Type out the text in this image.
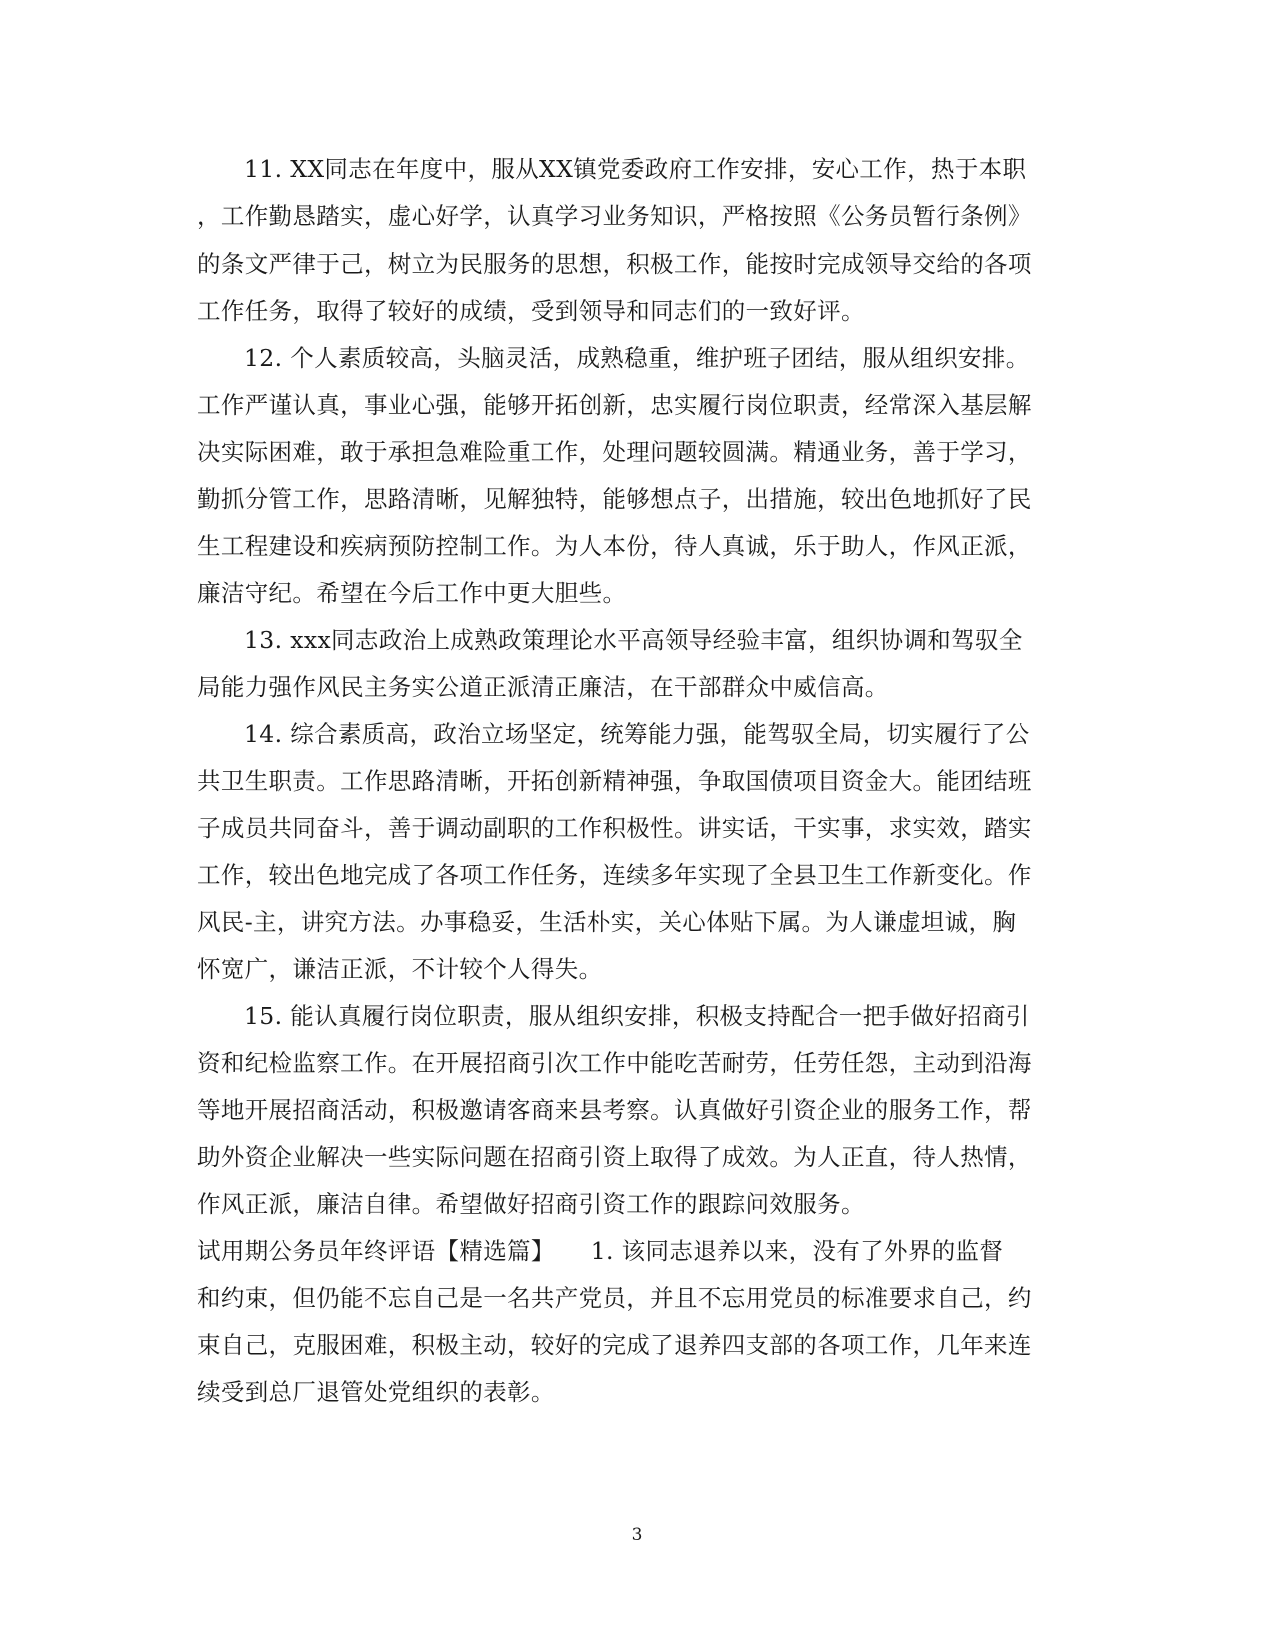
11. XX同志在年度中，服从XX镇党委政府工作安排，安心工作，热于本职
，工作勤恳踏实，虚心好学，认真学习业务知识，严格按照《公务员暂行条例》
的条文严律于己，树立为民服务的思想，积极工作，能按时完成领导交给的各项
工作任务，取得了较好的成绩，受到领导和同志们的一致好评。
12. 个人素质较高，头脑灵活，成熟稳重，维护班子团结，服从组织安排。
工作严谨认真，事业心强，能够开拓创新，忠实履行岗位职责，经常深入基层解
决实际困难，敢于承担急难险重工作，处理问题较圆满。精通业务，善于学习，
勤抓分管工作，思路清晰，见解独特，能够想点子，出措施，较出色地抓好了民
生工程建设和疾病预防控制工作。为人本份，待人真诚，乐于助人，作风正派，
廉洁守纪。希望在今后工作中更大胆些。
13. xxx同志政治上成熟政策理论水平高领导经验丰富，组织协调和驾驭全
局能力强作风民主务实公道正派清正廉洁，在干部群众中威信高。
14. 综合素质高，政治立场坚定，统筹能力强，能驾驭全局，切实履行了公
共卫生职责。工作思路清晰，开拓创新精神强，争取国债项目资金大。能团结班
子成员共同奋斗，善于调动副职的工作积极性。讲实话，干实事，求实效，踏实
工作，较出色地完成了各项工作任务，连续多年实现了全县卫生工作新变化。作
风民-主，讲究方法。办事稳妥，生活朴实，关心体贴下属。为人谦虚坦诚，胸
怀宽广，谦洁正派，不计较个人得失。
15. 能认真履行岗位职责，服从组织安排，积极支持配合一把手做好招商引
资和纪检监察工作。在开展招商引次工作中能吃苦耐劳，任劳任怨，主动到沿海
等地开展招商活动，积极邀请客商来县考察。认真做好引资企业的服务工作，帮
助外资企业解决一些实际问题在招商引资上取得了成效。为人正直，待人热情，
作风正派，廉洁自律。希望做好招商引资工作的跟踪问效服务。
试用期公务员年终评语【精选篇】　　1. 该同志退养以来，没有了外界的监督
和约束，但仍能不忘自己是一名共产党员，并且不忘用党员的标准要求自己，约
束自己，克服困难，积极主动，较好的完成了退养四支部的各项工作，几年来连
续受到总厂退管处党组织的表彰。
3
